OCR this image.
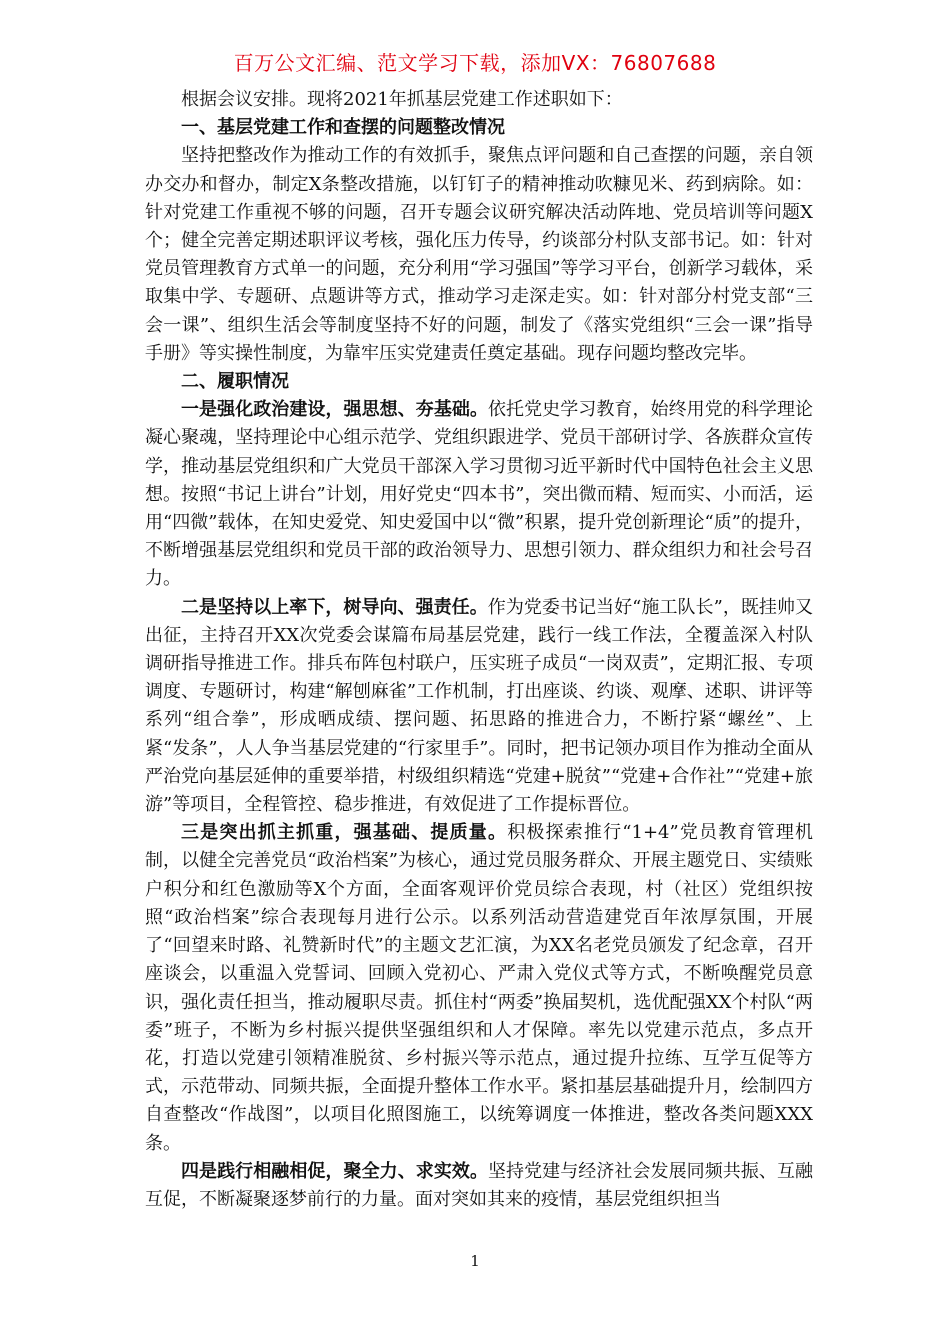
百万公文汇编、范文学习下载，添加VX：76807688

根据会议安排。现将2021年抓基层党建工作述职如下：

一、基层党建工作和查摆的问题整改情况

坚持把整改作为推动工作的有效抓手，聚焦点评问题和自己查摆的问题，亲自领办交办和督办，制定X条整改措施，以钉钉子的精神推动吹糠见米、药到病除。如：针对党建工作重视不够的问题，召开专题会议研究解决活动阵地、党员培训等问题X个；健全完善定期述职评议考核，强化压力传导，约谈部分村队支部书记。如：针对党员管理教育方式单一的问题，充分利用“学习强国”等学习平台，创新学习载体，采取集中学、专题研、点题讲等方式，推动学习走深走实。如：针对部分村党支部“三会一课”、组织生活会等制度坚持不好的问题，制发了《落实党组织“三会一课”指导手册》等实操性制度，为靠牢压实党建责任奠定基础。现存问题均整改完毕。

二、履职情况

一是强化政治建设，强思想、夯基础。依托党史学习教育，始终用党的科学理论凝心聚魂，坚持理论中心组示范学、党组织跟进学、党员干部研讨学、各族群众宣传学，推动基层党组织和广大党员干部深入学习贯彻习近平新时代中国特色社会主义思想。按照“书记上讲台”计划，用好党史“四本书”，突出微而精、短而实、小而活，运用“四微”载体，在知史爱党、知史爱国中以“微”积累，提升党创新理论“质”的提升，不断增强基层党组织和党员干部的政治领导力、思想引领力、群众组织力和社会号召力。

二是坚持以上率下，树导向、强责任。作为党委书记当好“施工队长”，既挂帅又出征，主持召开XX次党委会谋篇布局基层党建，践行一线工作法，全覆盖深入村队调研指导推进工作。排兵布阵包村联户，压实班子成员“一岗双责”，定期汇报、专项调度、专题研讨，构建“解刨麻雀”工作机制，打出座谈、约谈、观摩、述职、讲评等系列“组合拳”，形成晒成绩、摆问题、拓思路的推进合力，不断拧紧“螺丝”、上紧“发条”，人人争当基层党建的“行家里手”。同时，把书记领办项目作为推动全面从严治党向基层延伸的重要举措，村级组织精选“党建+脱贫”“党建+合作社”“党建+旅游”等项目，全程管控、稳步推进，有效促进了工作提标晋位。

三是突出抓主抓重，强基础、提质量。积极探索推行“1+4”党员教育管理机制，以健全完善党员“政治档案”为核心，通过党员服务群众、开展主题党日、实绩账户积分和红色激励等X个方面，全面客观评价党员综合表现，村（社区）党组织按照“政治档案”综合表现每月进行公示。以系列活动营造建党百年浓厚氛围，开展了“回望来时路、礼赞新时代”的主题文艺汇演，为XX名老党员颁发了纪念章，召开座谈会，以重温入党誓词、回顾入党初心、严肃入党仪式等方式，不断唤醒党员意识，强化责任担当，推动履职尽责。抓住村“两委”换届契机，选优配强XX个村队“两委”班子，不断为乡村振兴提供坚强组织和人才保障。率先以党建示范点，多点开花，打造以党建引领精准脱贫、乡村振兴等示范点，通过提升拉练、互学互促等方式，示范带动、同频共振，全面提升整体工作水平。紧扣基层基础提升月，绘制四方自查整改“作战图”，以项目化照图施工，以统筹调度一体推进，整改各类问题XXX条。

四是践行相融相促，聚全力、求实效。坚持党建与经济社会发展同频共振、互融互促，不断凝聚逐梦前行的力量。面对突如其来的疫情，基层党组织担当

1
